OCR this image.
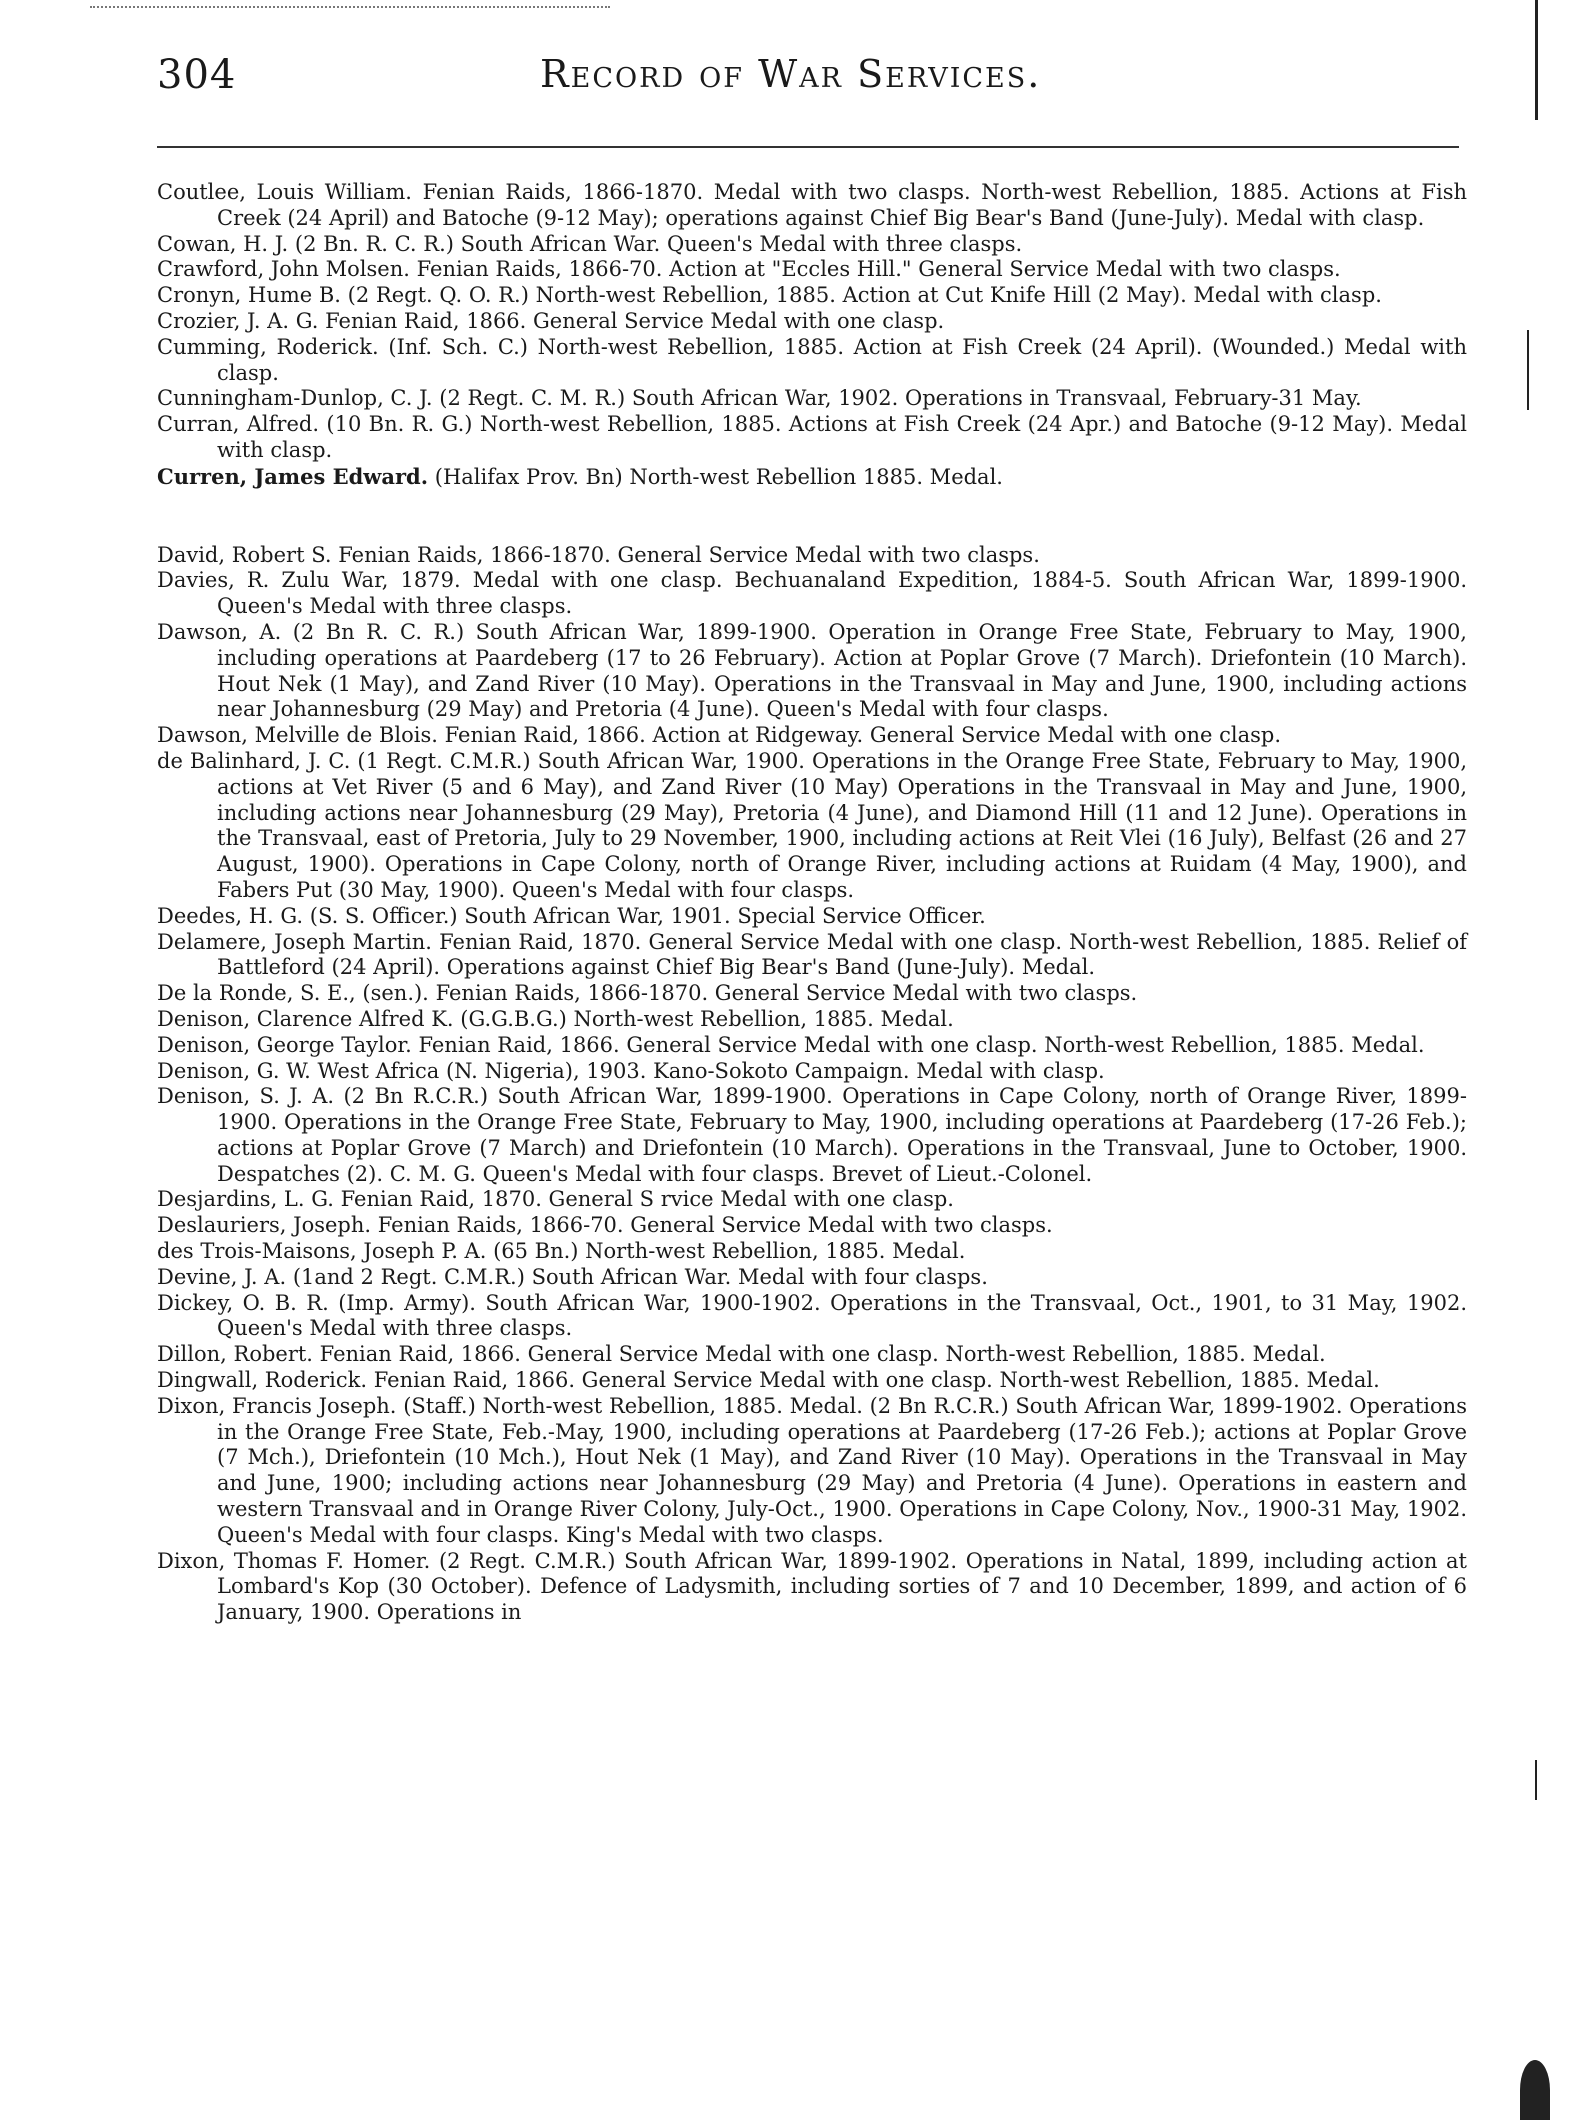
304	Record of War Services.

Coutlee, Louis William. Fenian Raids, 1866-1870. Medal with two clasps. North-west Rebellion, 1885. Actions at Fish Creek (24 April) and Batoche (9-12 May); operations against Chief Big Bear's Band (June-July). Medal with clasp.

Cowan, H. J. (2 Bn. R. C. R.) South African War. Queen's Medal with three clasps.

Crawford, John Molsen. Fenian Raids, 1866-70. Action at "Eccles Hill." General Service Medal with two clasps.

Cronyn, Hume B. (2 Regt. Q. O. R.) North-west Rebellion, 1885. Action at Cut Knife Hill (2 May). Medal with clasp.

Crozier, J. A. G. Fenian Raid, 1866. General Service Medal with one clasp.

Cumming, Roderick. (Inf. Sch. C.) North-west Rebellion, 1885. Action at Fish Creek (24 April). (Wounded.) Medal with clasp.

Cunningham-Dunlop, C. J. (2 Regt. C. M. R.) South African War, 1902. Operations in Transvaal, February-31 May.

Curran, Alfred. (10 Bn. R. G.) North-west Rebellion, 1885. Actions at Fish Creek (24 Apr.) and Batoche (9-12 May). Medal with clasp.

Curren, James Edward. (Halifax Prov. Bn) North-west Rebellion 1885. Medal.

David, Robert S. Fenian Raids, 1866-1870. General Service Medal with two clasps.

Davies, R. Zulu War, 1879. Medal with one clasp. Bechuanaland Expedition, 1884-5. South African War, 1899-1900. Queen's Medal with three clasps.

Dawson, A. (2 Bn R. C. R.) South African War, 1899-1900. Operation in Orange Free State, February to May, 1900, including operations at Paardeberg (17 to 26 February). Action at Poplar Grove (7 March). Driefontein (10 March). Hout Nek (1 May), and Zand River (10 May). Operations in the Transvaal in May and June, 1900, including actions near Johannesburg (29 May) and Pretoria (4 June). Queen's Medal with four clasps.

Dawson, Melville de Blois. Fenian Raid, 1866. Action at Ridgeway. General Service Medal with one clasp.

de Balinhard, J. C. (1 Regt. C.M.R.) South African War, 1900. Operations in the Orange Free State, February to May, 1900, actions at Vet River (5 and 6 May), and Zand River (10 May) Operations in the Transvaal in May and June, 1900, including actions near Johannesburg (29 May), Pretoria (4 June), and Diamond Hill (11 and 12 June). Operations in the Transvaal, east of Pretoria, July to 29 November, 1900, including actions at Reit Vlei (16 July), Belfast (26 and 27 August, 1900). Operations in Cape Colony, north of Orange River, including actions at Ruidam (4 May, 1900), and Fabers Put (30 May, 1900). Queen's Medal with four clasps.

Deedes, H. G. (S. S. Officer.) South African War, 1901. Special Service Officer.

Delamere, Joseph Martin. Fenian Raid, 1870. General Service Medal with one clasp. North-west Rebellion, 1885. Relief of Battleford (24 April). Operations against Chief Big Bear's Band (June-July). Medal.

De la Ronde, S. E., (sen.). Fenian Raids, 1866-1870. General Service Medal with two clasps.

Denison, Clarence Alfred K. (G.G.B.G.) North-west Rebellion, 1885. Medal.

Denison, George Taylor. Fenian Raid, 1866. General Service Medal with one clasp. North-west Rebellion, 1885. Medal.

Denison, G. W. West Africa (N. Nigeria), 1903. Kano-Sokoto Campaign. Medal with clasp.

Denison, S. J. A. (2 Bn R.C.R.) South African War, 1899-1900. Operations in Cape Colony, north of Orange River, 1899-1900. Operations in the Orange Free State, February to May, 1900, including operations at Paardeberg (17-26 Feb.); actions at Poplar Grove (7 March) and Driefontein (10 March). Operations in the Transvaal, June to October, 1900. Despatches (2). C. M. G. Queen's Medal with four clasps. Brevet of Lieut.-Colonel.

Desjardins, L. G. Fenian Raid, 1870. General S rvice Medal with one clasp.

Deslauriers, Joseph. Fenian Raids, 1866-70. General Service Medal with two clasps.

des Trois-Maisons, Joseph P. A. (65 Bn.) North-west Rebellion, 1885. Medal.

Devine, J. A. (1and 2 Regt. C.M.R.) South African War. Medal with four clasps.

Dickey, O. B. R. (Imp. Army). South African War, 1900-1902. Operations in the Transvaal, Oct., 1901, to 31 May, 1902. Queen's Medal with three clasps.

Dillon, Robert. Fenian Raid, 1866. General Service Medal with one clasp. North-west Rebellion, 1885. Medal.

Dingwall, Roderick. Fenian Raid, 1866. General Service Medal with one clasp. North-west Rebellion, 1885. Medal.

Dixon, Francis Joseph. (Staff.) North-west Rebellion, 1885. Medal. (2 Bn R.C.R.) South African War, 1899-1902. Operations in the Orange Free State, Feb.-May, 1900, including operations at Paardeberg (17-26 Feb.); actions at Poplar Grove (7 Mch.), Driefontein (10 Mch.), Hout Nek (1 May), and Zand River (10 May). Operations in the Transvaal in May and June, 1900; including actions near Johannesburg (29 May) and Pretoria (4 June). Operations in eastern and western Transvaal and in Orange River Colony, July-Oct., 1900. Operations in Cape Colony, Nov., 1900-31 May, 1902. Queen's Medal with four clasps. King's Medal with two clasps.

Dixon, Thomas F. Homer. (2 Regt. C.M.R.) South African War, 1899-1902. Operations in Natal, 1899, including action at Lombard's Kop (30 October). Defence of Ladysmith, including sorties of 7 and 10 December, 1899, and action of 6 January, 1900. Operations in
